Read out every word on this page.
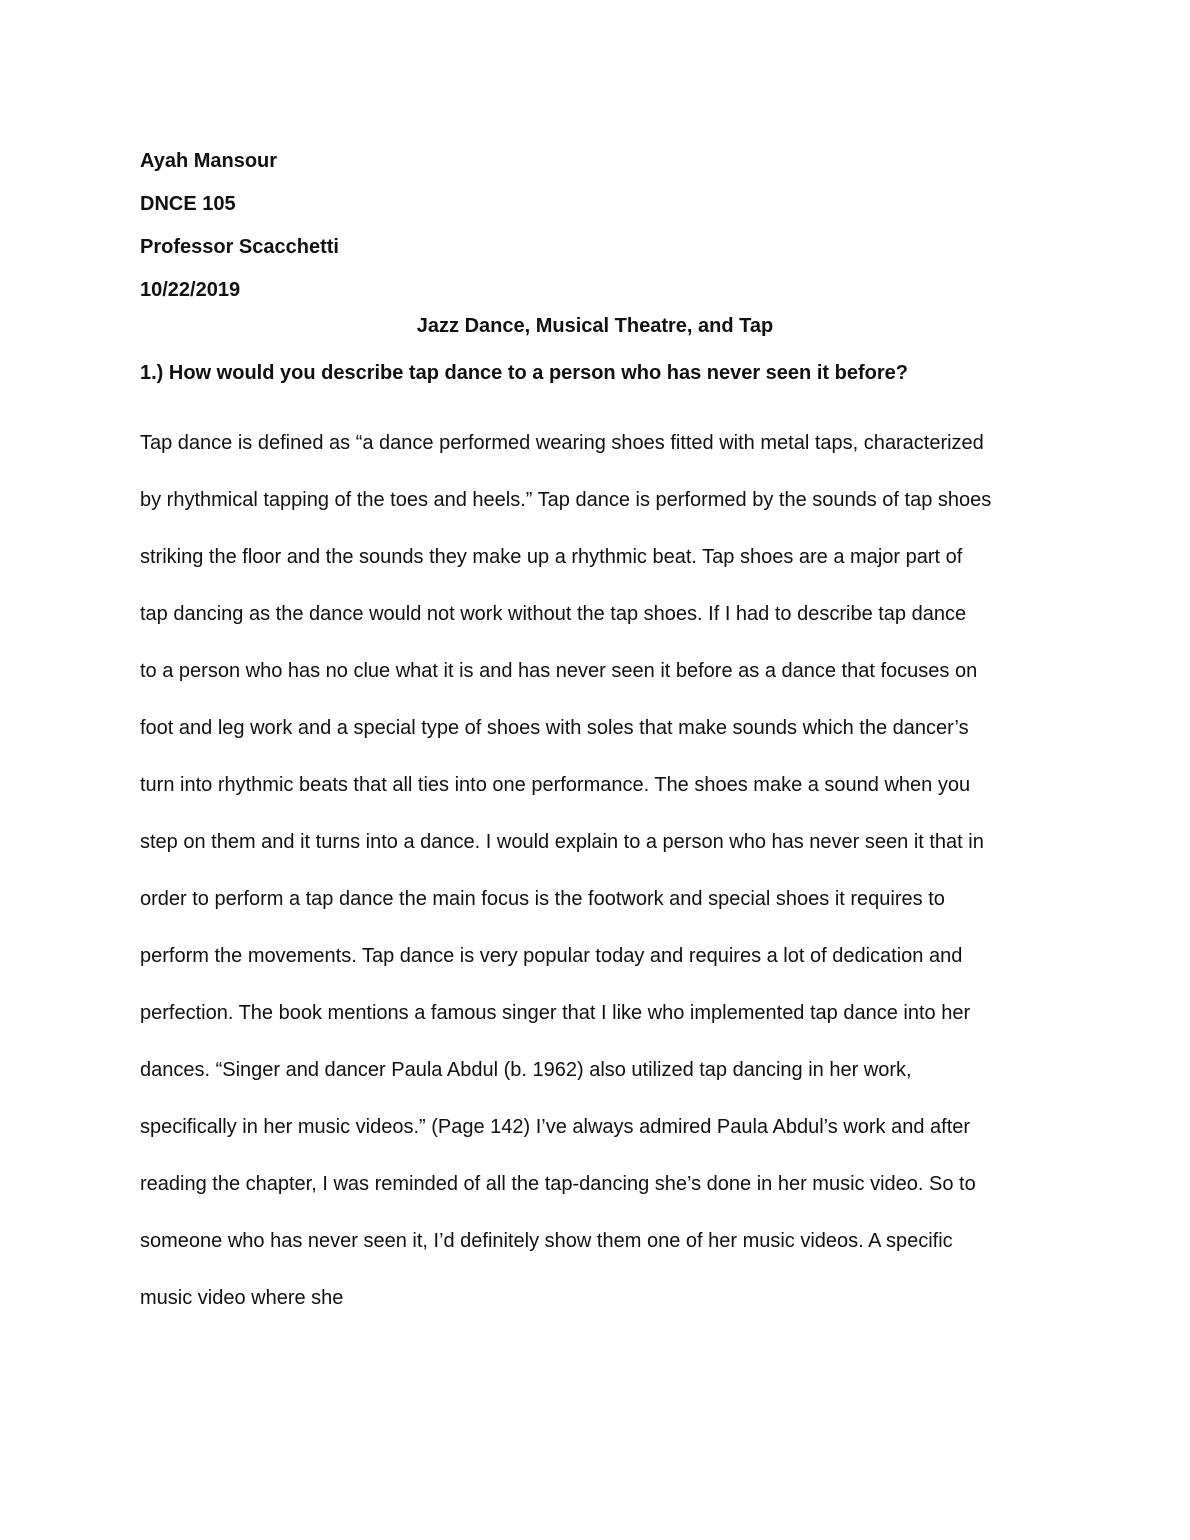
Ayah Mansour
DNCE 105
Professor Scacchetti
10/22/2019
Jazz Dance, Musical Theatre, and Tap
1.) How would you describe tap dance to a person who has never seen it before?
Tap dance is defined as “a dance performed wearing shoes fitted with metal taps, characterized
by rhythmical tapping of the toes and heels.” Tap dance is performed by the sounds of tap shoes
striking the floor and the sounds they make up a rhythmic beat. Tap shoes are a major part of
tap dancing as the dance would not work without the tap shoes. If I had to describe tap dance
to a person who has no clue what it is and has never seen it before as a dance that focuses on
foot and leg work and a special type of shoes with soles that make sounds which the dancer’s
turn into rhythmic beats that all ties into one performance. The shoes make a sound when you
step on them and it turns into a dance. I would explain to a person who has never seen it that in
order to perform a tap dance the main focus is the footwork and special shoes it requires to
perform the movements. Tap dance is very popular today and requires a lot of dedication and
perfection. The book mentions a famous singer that I like who implemented tap dance into her
dances. “Singer and dancer Paula Abdul (b. 1962) also utilized tap dancing in her work,
specifically in her music videos.” (Page 142) I’ve always admired Paula Abdul’s work and after
reading the chapter, I was reminded of all the tap-dancing she’s done in her music video. So to
someone who has never seen it, I’d definitely show them one of her music videos. A specific
music video where she
